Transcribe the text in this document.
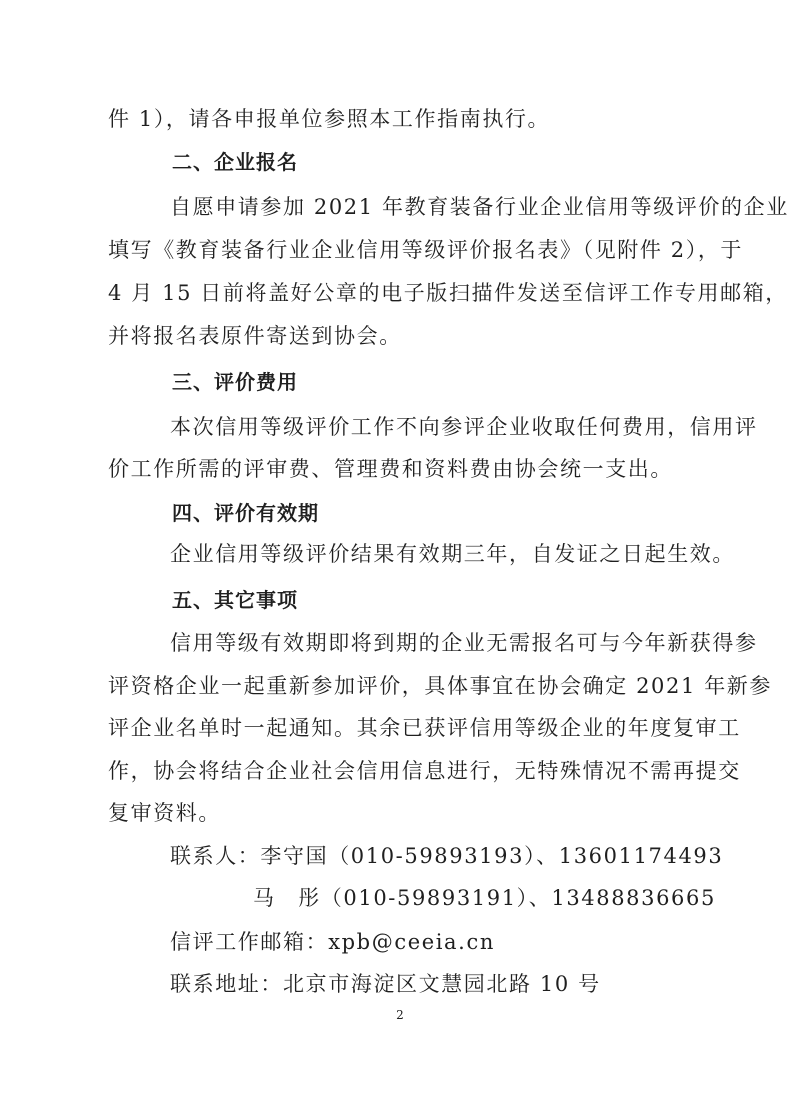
件 1），请各申报单位参照本工作指南执行。
二、企业报名
自愿申请参加 2021 年教育装备行业企业信用等级评价的企业
填写《教育装备行业企业信用等级评价报名表》（见附件 2），于
4 月 15 日前将盖好公章的电子版扫描件发送至信评工作专用邮箱，
并将报名表原件寄送到协会。
三、评价费用
本次信用等级评价工作不向参评企业收取任何费用，信用评
价工作所需的评审费、管理费和资料费由协会统一支出。
四、评价有效期
企业信用等级评价结果有效期三年，自发证之日起生效。
五、其它事项
信用等级有效期即将到期的企业无需报名可与今年新获得参
评资格企业一起重新参加评价，具体事宜在协会确定 2021 年新参
评企业名单时一起通知。其余已获评信用等级企业的年度复审工
作，协会将结合企业社会信用信息进行，无特殊情况不需再提交
复审资料。
联系人：李守国（010-59893193）、13601174493
马　彤（010-59893191）、13488836665
信评工作邮箱：xpb@ceeia.cn
联系地址：北京市海淀区文慧园北路 10 号
2
